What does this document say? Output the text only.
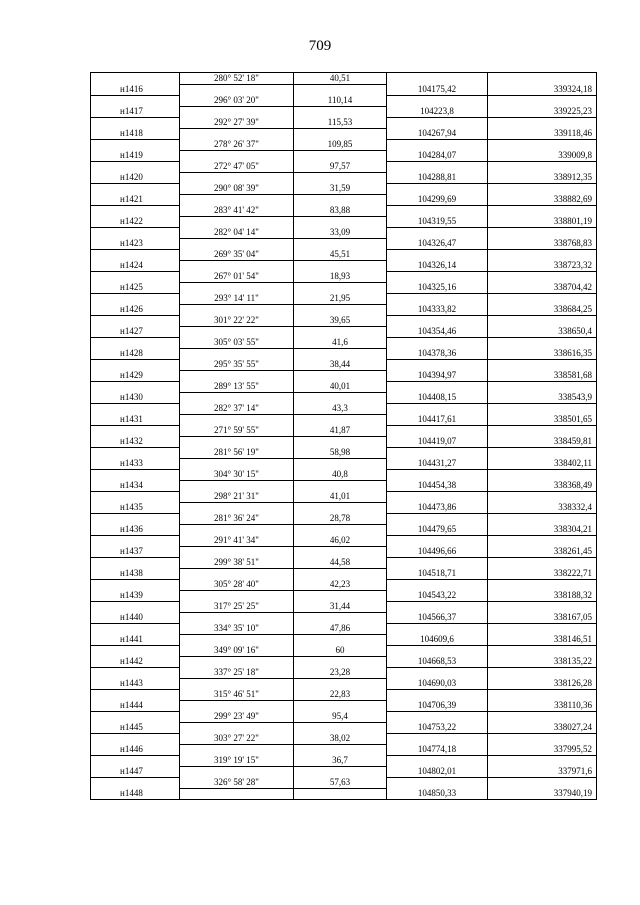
709
	280° 52' 18"	40,51		
н1416			104175,42	339324,18
	296° 03' 20"	110,14		
н1417			104223,8	339225,23
	292° 27' 39"	115,53		
н1418			104267,94	339118,46
	278° 26' 37"	109,85		
н1419			104284,07	339009,8
	272° 47' 05"	97,57		
н1420			104288,81	338912,35
	290° 08' 39"	31,59		
н1421			104299,69	338882,69
	283° 41' 42"	83,88		
н1422			104319,55	338801,19
	282° 04' 14"	33,09		
н1423			104326,47	338768,83
	269° 35' 04"	45,51		
н1424			104326,14	338723,32
	267° 01' 54"	18,93		
н1425			104325,16	338704,42
	293° 14' 11"	21,95		
н1426			104333,82	338684,25
	301° 22' 22"	39,65		
н1427			104354,46	338650,4
	305° 03' 55"	41,6		
н1428			104378,36	338616,35
	295° 35' 55"	38,44		
н1429			104394,97	338581,68
	289° 13' 55"	40,01		
н1430			104408,15	338543,9
	282° 37' 14"	43,3		
н1431			104417,61	338501,65
	271° 59' 55"	41,87		
н1432			104419,07	338459,81
	281° 56' 19"	58,98		
н1433			104431,27	338402,11
	304° 30' 15"	40,8		
н1434			104454,38	338368,49
	298° 21' 31"	41,01		
н1435			104473,86	338332,4
	281° 36' 24"	28,78		
н1436			104479,65	338304,21
	291° 41' 34"	46,02		
н1437			104496,66	338261,45
	299° 38' 51"	44,58		
н1438			104518,71	338222,71
	305° 28' 40"	42,23		
н1439			104543,22	338188,32
	317° 25' 25"	31,44		
н1440			104566,37	338167,05
	334° 35' 10"	47,86		
н1441			104609,6	338146,51
	349° 09' 16"	60		
н1442			104668,53	338135,22
	337° 25' 18"	23,28		
н1443			104690,03	338126,28
	315° 46' 51"	22,83		
н1444			104706,39	338110,36
	299° 23' 49"	95,4		
н1445			104753,22	338027,24
	303° 27' 22"	38,02		
н1446			104774,18	337995,52
	319° 19' 15"	36,7		
н1447			104802,01	337971,6
	326° 58' 28"	57,63		
н1448			104850,33	337940,19
